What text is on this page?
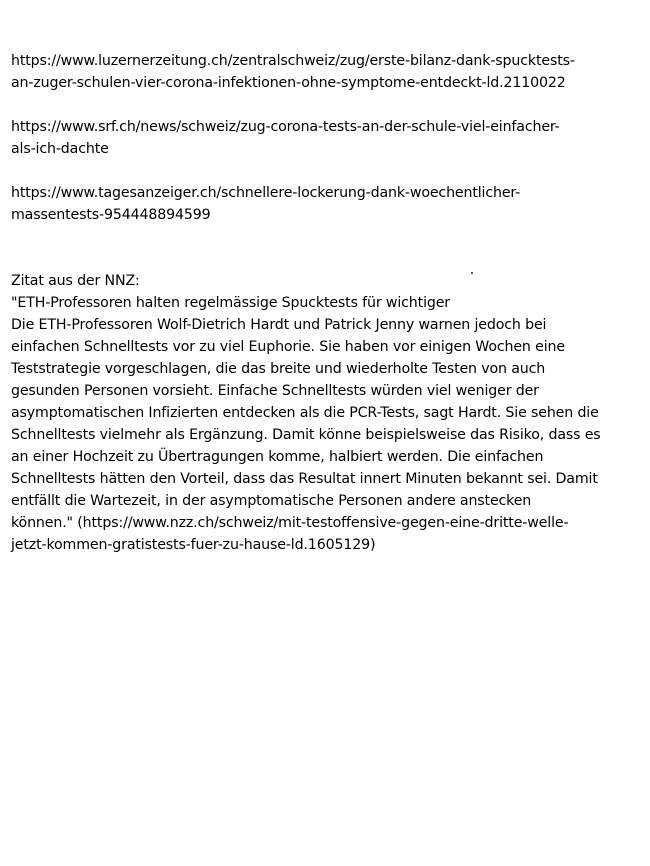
https://www.luzernerzeitung.ch/zentralschweiz/zug/erste-bilanz-dank-spucktests-
an-zuger-schulen-vier-corona-infektionen-ohne-symptome-entdeckt-ld.2110022
https://www.srf.ch/news/schweiz/zug-corona-tests-an-der-schule-viel-einfacher-
als-ich-dachte
https://www.tagesanzeiger.ch/schnellere-lockerung-dank-woechentlicher-
massentests-954448894599
Zitat aus der NNZ:
"ETH-Professoren halten regelmässige Spucktests für wichtiger
Die ETH-Professoren Wolf-Dietrich Hardt und Patrick Jenny warnen jedoch bei
einfachen Schnelltests vor zu viel Euphorie. Sie haben vor einigen Wochen eine
Teststrategie vorgeschlagen, die das breite und wiederholte Testen von auch
gesunden Personen vorsieht. Einfache Schnelltests würden viel weniger der
asymptomatischen Infizierten entdecken als die PCR-Tests, sagt Hardt. Sie sehen die
Schnelltests vielmehr als Ergänzung. Damit könne beispielsweise das Risiko, dass es
an einer Hochzeit zu Übertragungen komme, halbiert werden. Die einfachen
Schnelltests hätten den Vorteil, dass das Resultat innert Minuten bekannt sei. Damit
entfällt die Wartezeit, in der asymptomatische Personen andere anstecken
können." (https://www.nzz.ch/schweiz/mit-testoffensive-gegen-eine-dritte-welle-
jetzt-kommen-gratistests-fuer-zu-hause-ld.1605129)
